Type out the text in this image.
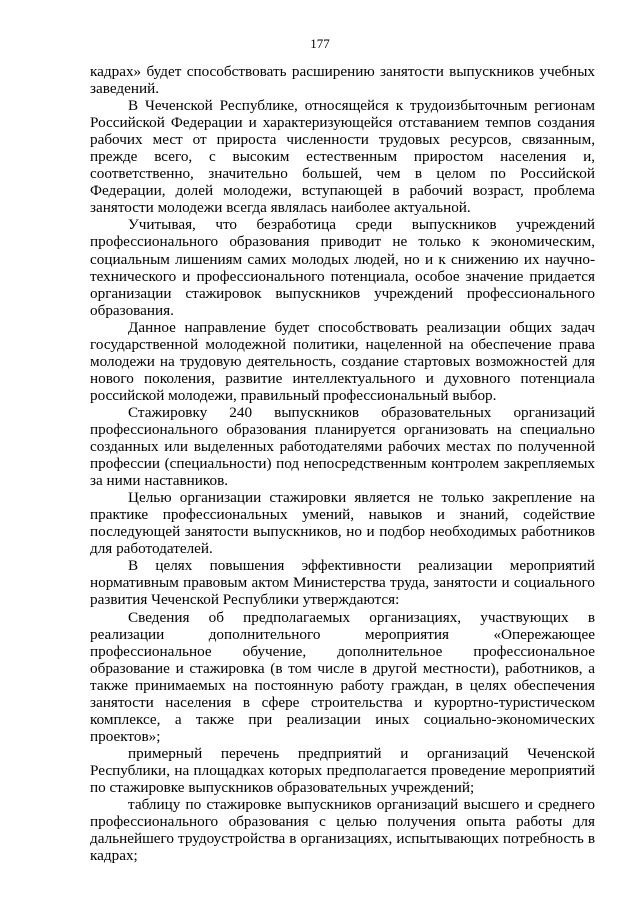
177

кадрах» будет способствовать расширению занятости выпускников учебных заведений.

В Чеченской Республике, относящейся к трудоизбыточным регионам Российской Федерации и характеризующейся отставанием темпов создания рабочих мест от прироста численности трудовых ресурсов, связанным, прежде всего, с высоким естественным приростом населения и, соответственно, значительно большей, чем в целом по Российской Федерации, долей молодежи, вступающей в рабочий возраст, проблема занятости молодежи всегда являлась наиболее актуальной.

Учитывая, что безработица среди выпускников учреждений профессионального образования приводит не только к экономическим, социальным лишениям самих молодых людей, но и к снижению их научно-технического и профессионального потенциала, особое значение придается организации стажировок выпускников учреждений профессионального образования.

Данное направление будет способствовать реализации общих задач государственной молодежной политики, нацеленной на обеспечение права молодежи на трудовую деятельность, создание стартовых возможностей для нового поколения, развитие интеллектуального и духовного потенциала российской молодежи, правильный профессиональный выбор.

Стажировку 240 выпускников образовательных организаций профессионального образования планируется организовать на специально созданных или выделенных работодателями рабочих местах по полученной профессии (специальности) под непосредственным контролем закрепляемых за ними наставников.

Целью организации стажировки является не только закрепление на практике профессиональных умений, навыков и знаний, содействие последующей занятости выпускников, но и подбор необходимых работников для работодателей.

В целях повышения эффективности реализации мероприятий нормативным правовым актом Министерства труда, занятости и социального развития Чеченской Республики утверждаются:

Сведения об предполагаемых организациях, участвующих в реализации дополнительного мероприятия «Опережающее профессиональное обучение, дополнительное профессиональное образование и стажировка (в том числе в другой местности), работников, а также принимаемых на постоянную работу граждан, в целях обеспечения занятости населения в сфере строительства и курортно-туристическом комплексе, а также при реализации иных социально-экономических проектов»;

примерный перечень предприятий и организаций Чеченской Республики, на площадках которых предполагается проведение мероприятий по стажировке выпускников образовательных учреждений;

таблицу по стажировке выпускников организаций высшего и среднего профессионального образования с целью получения опыта работы для дальнейшего трудоустройства в организациях, испытывающих потребность в кадрах;
